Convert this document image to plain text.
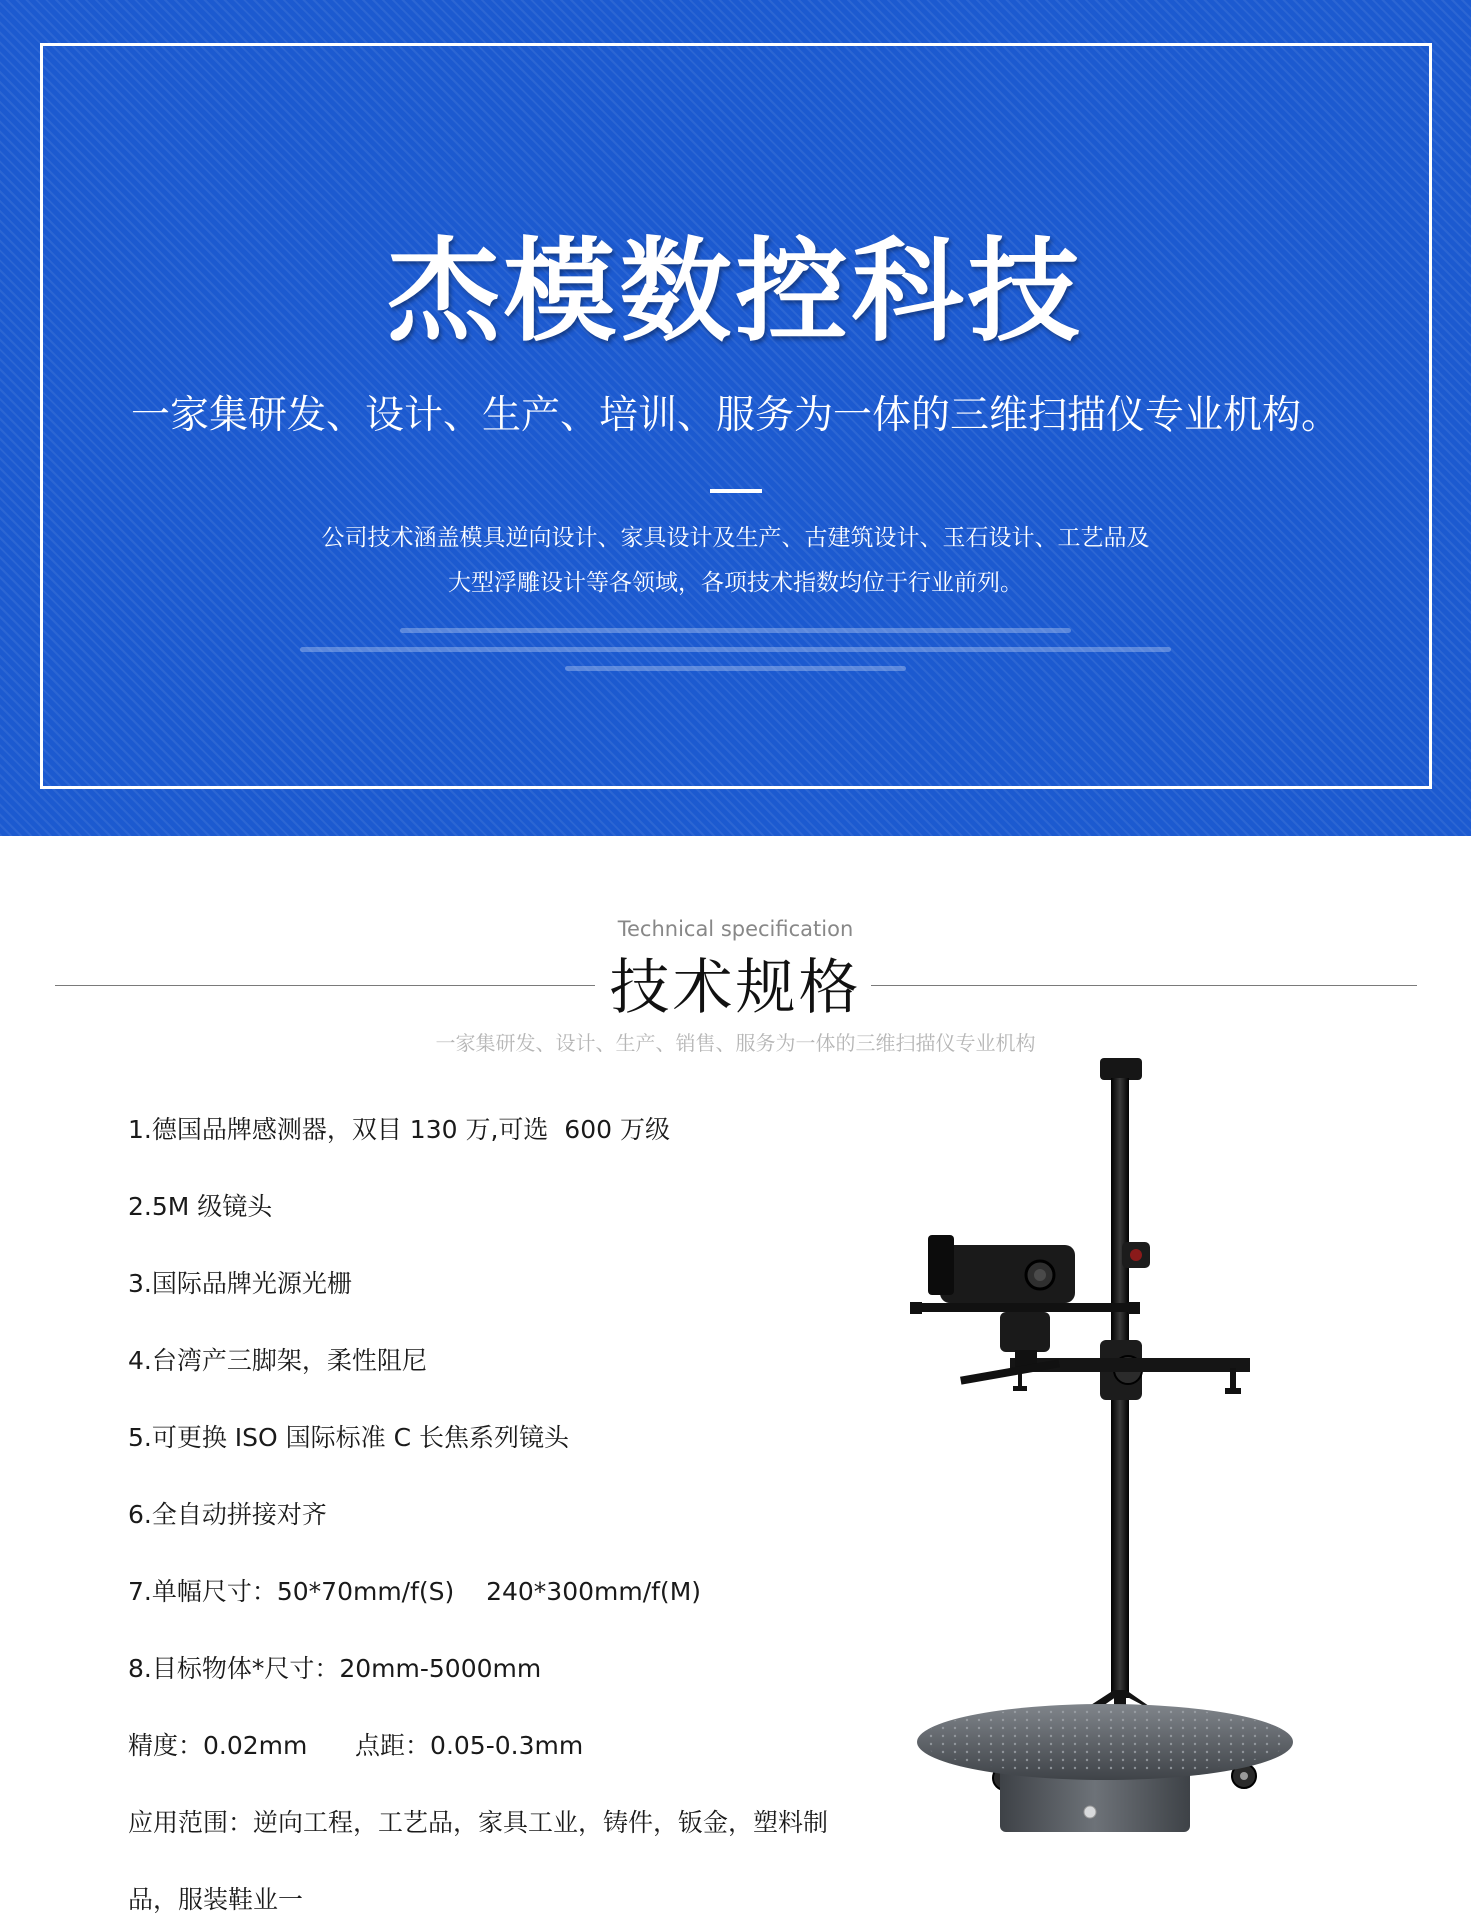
杰模数控科技
一家集研发、设计、生产、培训、服务为一体的三维扫描仪专业机构。
公司技术涵盖模具逆向设计、家具设计及生产、古建筑设计、玉石设计、工艺品及
大型浮雕设计等各领域，各项技术指数均位于行业前列。
Technical specification
技术规格
一家集研发、设计、生产、销售、服务为一体的三维扫描仪专业机构
1.德国品牌感测器，双目 130 万,可选  600 万级
2.5M 级镜头
3.国际品牌光源光栅
4.台湾产三脚架，柔性阻尼
5.可更换 ISO 国际标准 C 长焦系列镜头
6.全自动拼接对齐
7.单幅尺寸：50*70mm/f(S)    240*300mm/f(M)
8.目标物体*尺寸：20mm-5000mm
精度：0.02mm      点距：0.05-0.3mm
应用范围：逆向工程，工艺品，家具工业，铸件，钣金，塑料制
品，服装鞋业一
